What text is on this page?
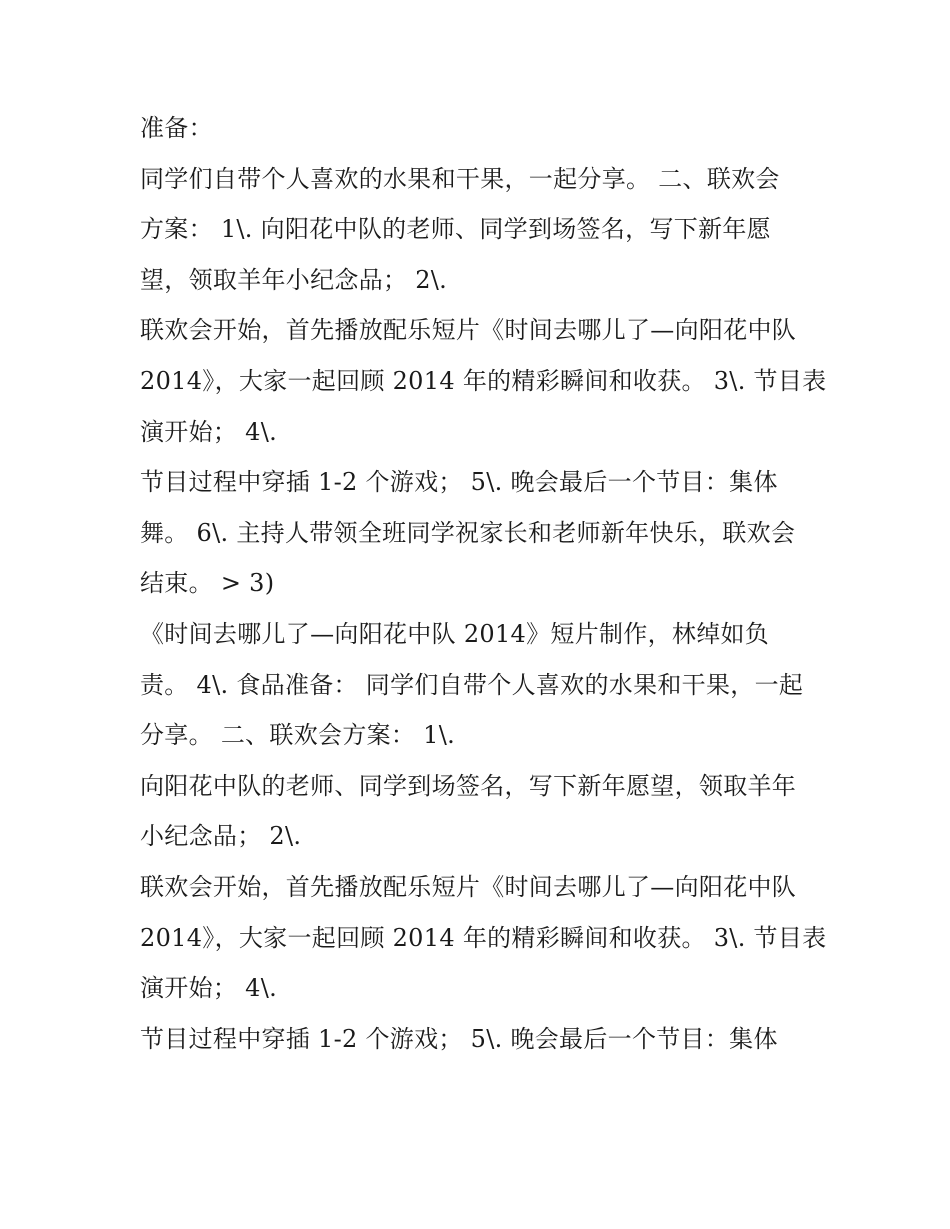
准备：
同学们自带个人喜欢的水果和干果，一起分享。 二、联欢会
方案： 1\. 向阳花中队的老师、同学到场签名，写下新年愿
望，领取羊年小纪念品； 2\.
联欢会开始，首先播放配乐短片《时间去哪儿了—向阳花中队
2014》，大家一起回顾 2014 年的精彩瞬间和收获。 3\. 节目表
演开始； 4\.
节目过程中穿插 1-2 个游戏； 5\. 晚会最后一个节目：集体
舞。 6\. 主持人带领全班同学祝家长和老师新年快乐，联欢会
结束。 > 3)
《时间去哪儿了—向阳花中队 2014》短片制作，林绰如负
责。 4\. 食品准备： 同学们自带个人喜欢的水果和干果，一起
分享。 二、联欢会方案： 1\.
向阳花中队的老师、同学到场签名，写下新年愿望，领取羊年
小纪念品； 2\.
联欢会开始，首先播放配乐短片《时间去哪儿了—向阳花中队
2014》，大家一起回顾 2014 年的精彩瞬间和收获。 3\. 节目表
演开始； 4\.
节目过程中穿插 1-2 个游戏； 5\. 晚会最后一个节目：集体
